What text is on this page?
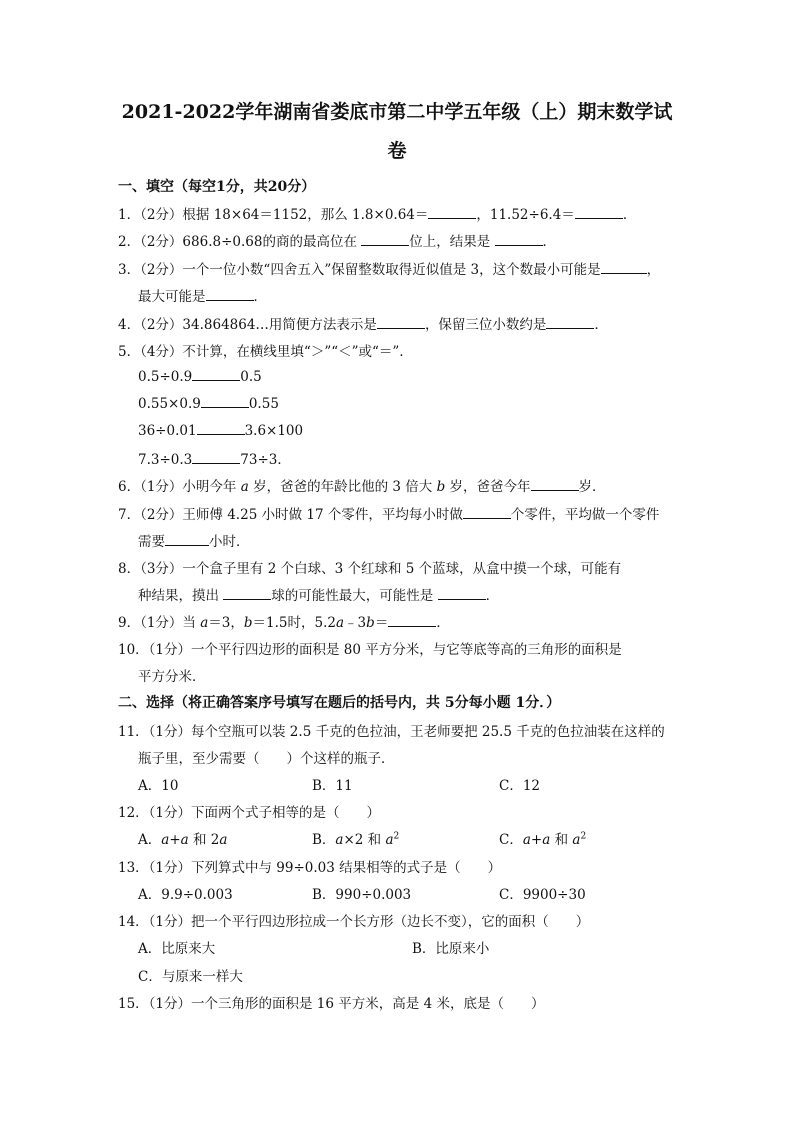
2021-2022学年湖南省娄底市第二中学五年级（上）期末数学试
卷
一、填空（每空1分，共20分）
1．（2分）根据 18×64＝1152，那么 1.8×0.64＝	，11.52÷6.4＝	．
2．（2分）686.8÷0.68的商的最高位在	位上，结果是	．
3．（2分）一个一位小数“四舍五入”保留整数取得近似值是 3，这个数最小可能是	，
最大可能是	．
4．（2分）34.864864…用简便方法表示是	，保留三位小数约是	．
5．（4分）不计算，在横线里填“＞”“＜”或“＝”．
0.5÷0.9	0.5
0.55×0.9	0.55
36÷0.01	3.6×100
7.3÷0.3	73÷3．
6．（1分）小明今年 a 岁，爸爸的年龄比他的 3 倍大 b 岁，爸爸今年	岁．
7．（2分）王师傅 4.25 小时做 17 个零件，平均每小时做	个零件，平均做一个零件
需要	小时．
8．（3分）一个盒子里有 2 个白球、3 个红球和 5 个蓝球，从盒中摸一个球，可能有
种结果，摸出	球的可能性最大，可能性是	．
9．（1分）当 a＝3，b＝1.5时，5.2a﹣3b＝	．
10．（1分）一个平行四边形的面积是 80 平方分米，与它等底等高的三角形的面积是
平方分米．
二、选择（将正确答案序号填写在题后的括号内，共 5分每小题 1分．）
11．（1分）每个空瓶可以装 2.5 千克的色拉油，王老师要把 25.5 千克的色拉油装在这样的
瓶子里，至少需要（　　）个这样的瓶子．
A．10	B．11	C．12
12．（1分）下面两个式子相等的是（　　）
A．a+a 和 2a	B．a×2 和 $a^2$	C．a+a 和 $a^2$
13．（1分）下列算式中与 99÷0.03 结果相等的式子是（　　）
A．9.9÷0.003	B．990÷0.003	C．9900÷30
14．（1分）把一个平行四边形拉成一个长方形（边长不变），它的面积（　　）
A．比原来大	B．比原来小
C．与原来一样大
15．（1分）一个三角形的面积是 16 平方米，高是 4 米，底是（　　）
